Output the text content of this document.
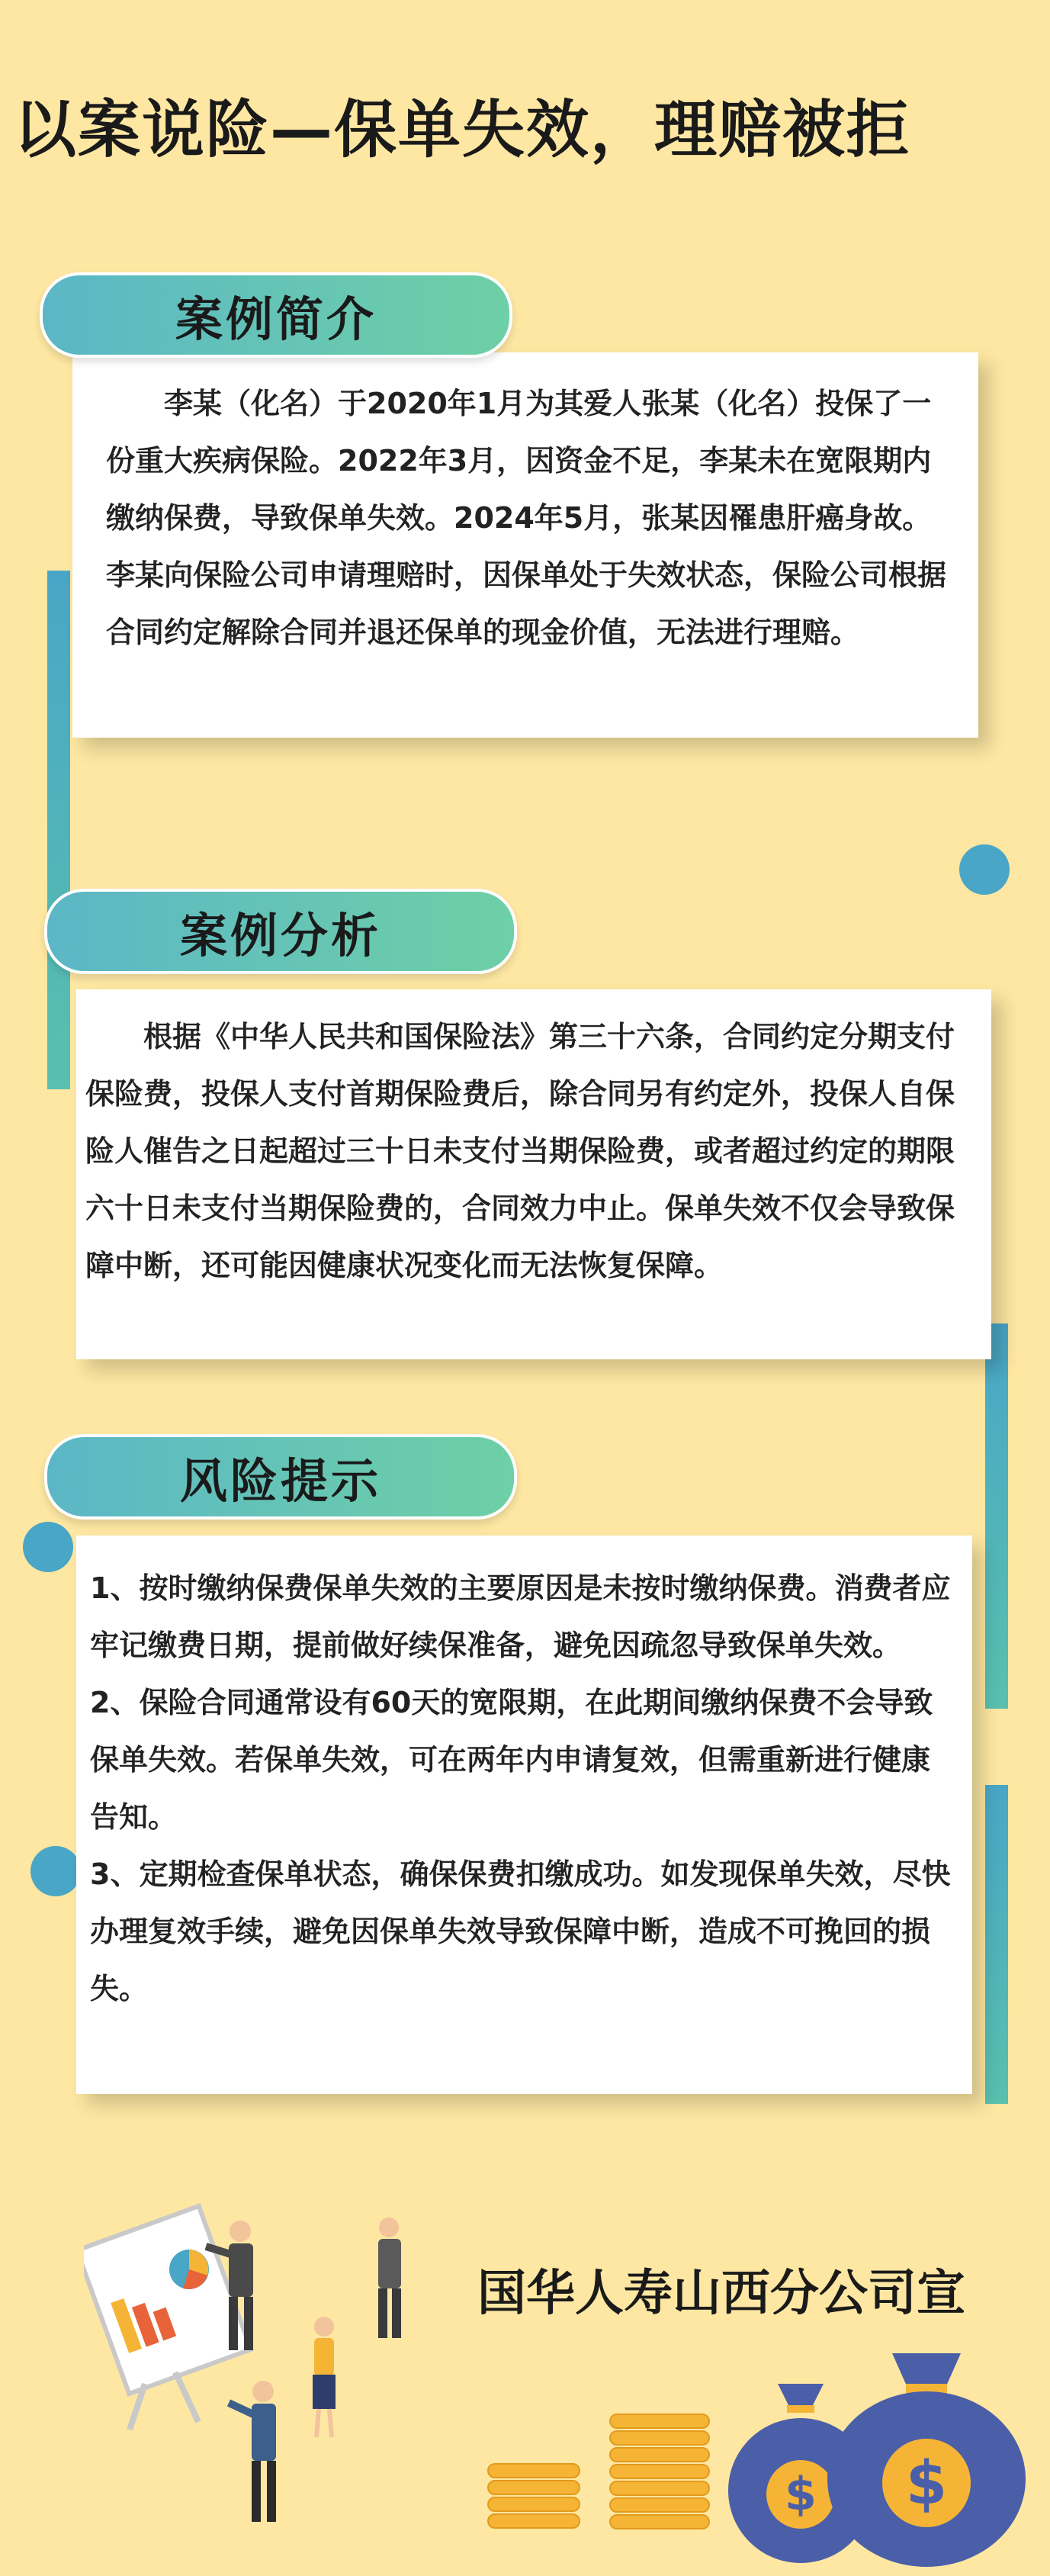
以案说险—保单失效，理赔被拒

李某（化名）于2020年1月为其爱人张某（化名）投保了一份重大疾病保险。2022年3月，因资金不足，李某未在宽限期内缴纳保费，导致保单失效。2024年5月，张某因罹患肝癌身故。李某向保险公司申请理赔时，因保单处于失效状态，保险公司根据合同约定解除合同并退还保单的现金价值，无法进行理赔。

案例简介

根据《中华人民共和国保险法》第三十六条，合同约定分期支付保险费，投保人支付首期保险费后，除合同另有约定外，投保人自保险人催告之日起超过三十日未支付当期保险费，或者超过约定的期限六十日未支付当期保险费的，合同效力中止。保单失效不仅会导致保障中断，还可能因健康状况变化而无法恢复保障。

案例分析

1、按时缴纳保费保单失效的主要原因是未按时缴纳保费。消费者应牢记缴费日期，提前做好续保准备，避免因疏忽导致保单失效。

2、保险合同通常设有60天的宽限期，在此期间缴纳保费不会导致保单失效。若保单失效，可在两年内申请复效，但需重新进行健康告知。

3、定期检查保单状态，确保保费扣缴成功。如发现保单失效，尽快办理复效手续，避免因保单失效导致保障中断，造成不可挽回的损失。

风险提示
国华人寿山西分公司宣
$ $
